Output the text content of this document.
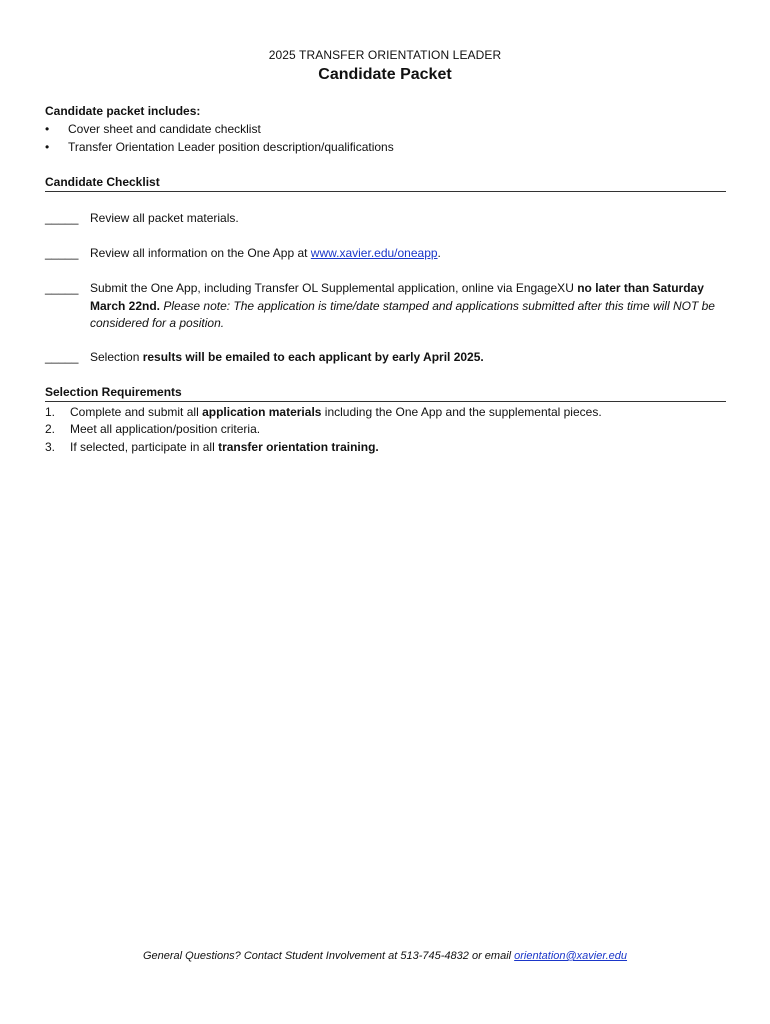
2025 TRANSFER ORIENTATION LEADER
Candidate Packet
Candidate packet includes:
•	Cover sheet and candidate checklist
•	Transfer Orientation Leader position description/qualifications
Candidate Checklist
_____ Review all packet materials.
_____ Review all information on the One App at www.xavier.edu/oneapp.
_____ Submit the One App, including Transfer OL Supplemental application, online via EngageXU no later than Saturday March 22nd. Please note: The application is time/date stamped and applications submitted after this time will NOT be considered for a position.
_____ Selection results will be emailed to each applicant by early April 2025.
Selection Requirements
1.	Complete and submit all application materials including the One App and the supplemental pieces.
2.	Meet all application/position criteria.
3.	If selected, participate in all transfer orientation training.
General Questions? Contact Student Involvement at 513-745-4832 or email orientation@xavier.edu
